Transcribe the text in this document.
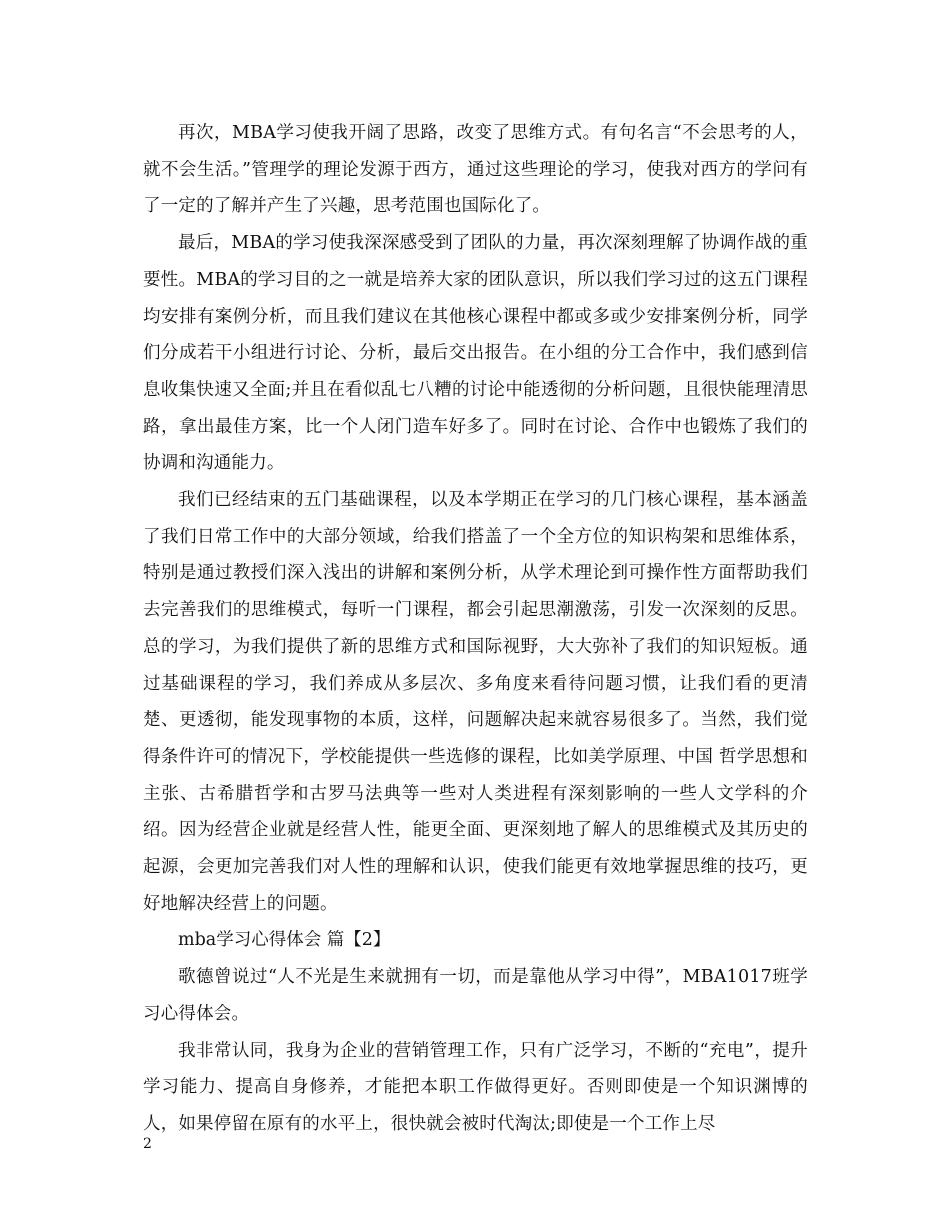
再次，MBA学习使我开阔了思路，改变了思维方式。有句名言“不会思考的人，就不会生活。”管理学的理论发源于西方，通过这些理论的学习，使我对西方的学问有了一定的了解并产生了兴趣，思考范围也国际化了。

最后，MBA的学习使我深深感受到了团队的力量，再次深刻理解了协调作战的重要性。MBA的学习目的之一就是培养大家的团队意识，所以我们学习过的这五门课程均安排有案例分析，而且我们建议在其他核心课程中都或多或少安排案例分析，同学们分成若干小组进行讨论、分析，最后交出报告。在小组的分工合作中，我们感到信息收集快速又全面;并且在看似乱七八糟的讨论中能透彻的分析问题，且很快能理清思路，拿出最佳方案，比一个人闭门造车好多了。同时在讨论、合作中也锻炼了我们的协调和沟通能力。

我们已经结束的五门基础课程，以及本学期正在学习的几门核心课程，基本涵盖了我们日常工作中的大部分领域，给我们搭盖了一个全方位的知识构架和思维体系，特别是通过教授们深入浅出的讲解和案例分析，从学术理论到可操作性方面帮助我们去完善我们的思维模式，每听一门课程，都会引起思潮激荡，引发一次深刻的反思。总的学习，为我们提供了新的思维方式和国际视野，大大弥补了我们的知识短板。通过基础课程的学习，我们养成从多层次、多角度来看待问题习惯，让我们看的更清楚、更透彻，能发现事物的本质，这样，问题解决起来就容易很多了。当然，我们觉得条件许可的情况下，学校能提供一些选修的课程，比如美学原理、中国 哲学思想和主张、古希腊哲学和古罗马法典等一些对人类进程有深刻影响的一些人文学科的介绍。因为经营企业就是经营人性，能更全面、更深刻地了解人的思维模式及其历史的起源，会更加完善我们对人性的理解和认识，使我们能更有效地掌握思维的技巧，更好地解决经营上的问题。

mba学习心得体会 篇【2】

歌德曾说过“人不光是生来就拥有一切，而是靠他从学习中得”，MBA1017班学习心得体会。

我非常认同，我身为企业的营销管理工作，只有广泛学习，不断的“充电”，提升学习能力、提高自身修养，才能把本职工作做得更好。否则即使是一个知识渊博的人，如果停留在原有的水平上，很快就会被时代淘汰;即使是一个工作上尽

2
